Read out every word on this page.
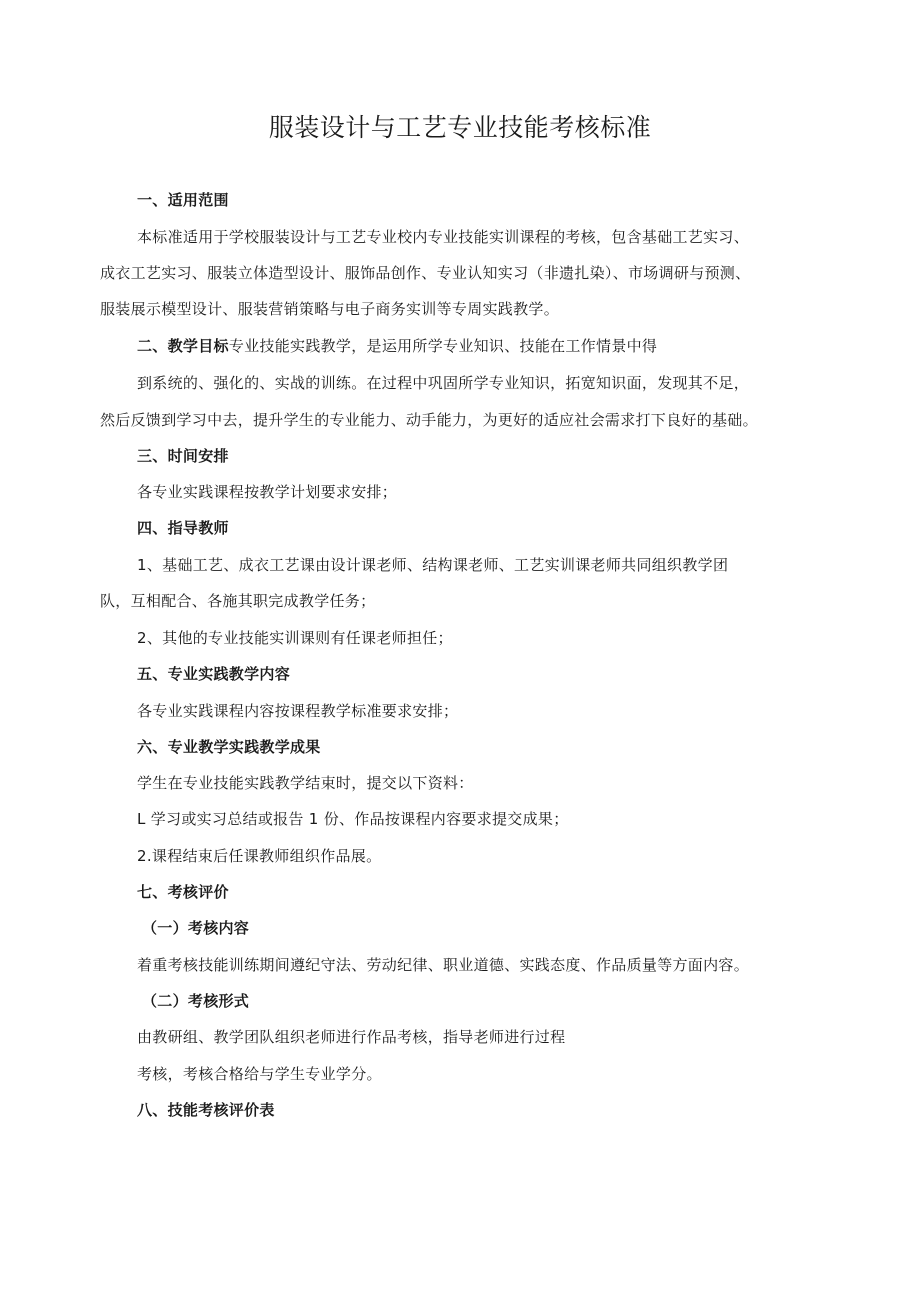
服装设计与工艺专业技能考核标准
一、适用范围
本标准适用于学校服装设计与工艺专业校内专业技能实训课程的考核，包含基础工艺实习、
成衣工艺实习、服装立体造型设计、服饰品创作、专业认知实习（非遗扎染）、市场调研与预测、
服装展示模型设计、服装营销策略与电子商务实训等专周实践教学。
二、教学目标专业技能实践教学，是运用所学专业知识、技能在工作情景中得
到系统的、强化的、实战的训练。在过程中巩固所学专业知识，拓宽知识面，发现其不足，
然后反馈到学习中去，提升学生的专业能力、动手能力，为更好的适应社会需求打下良好的基础。
三、时间安排
各专业实践课程按教学计划要求安排；
四、指导教师
1、基础工艺、成衣工艺课由设计课老师、结构课老师、工艺实训课老师共同组织教学团
队，互相配合、各施其职完成教学任务；
2、其他的专业技能实训课则有任课老师担任；
五、专业实践教学内容
各专业实践课程内容按课程教学标准要求安排；
六、专业教学实践教学成果
学生在专业技能实践教学结束时，提交以下资料：
L 学习或实习总结或报告 1 份、作品按课程内容要求提交成果；
2.课程结束后任课教师组织作品展。
七、考核评价
（一）考核内容
着重考核技能训练期间遵纪守法、劳动纪律、职业道德、实践态度、作品质量等方面内容。
（二）考核形式
由教研组、教学团队组织老师进行作品考核，指导老师进行过程
考核，考核合格给与学生专业学分。
八、技能考核评价表
